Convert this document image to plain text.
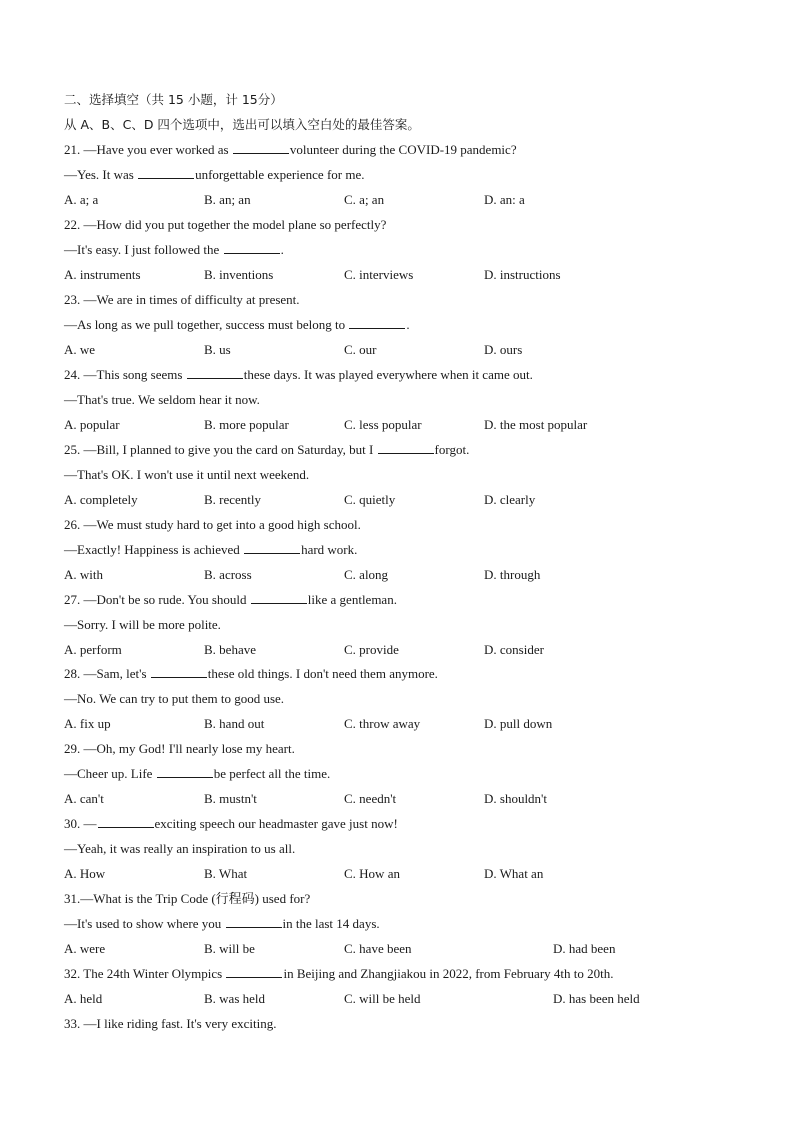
二、选择填空（共 15 小题，计 15分）
从 A、B、C、D 四个选项中，选出可以填入空白处的最佳答案。
21. —Have you ever worked as	volunteer during the COVID-19 pandemic?
—Yes. It was	unforgettable experience for me.
A. a; a	B. an; an	C. a; an	D. an: a
22. —How did you put together the model plane so perfectly?
—It's easy. I just followed the	.
A. instruments	B. inventions	C. interviews	D. instructions
23. —We are in times of difficulty at present.
—As long as we pull together, success must belong to	.
A. we	B. us	C. our	D. ours
24. —This song seems	these days. It was played everywhere when it came out.
—That's true. We seldom hear it now.
A. popular	B. more popular	C. less popular	D. the most popular
25. —Bill, I planned to give you the card on Saturday, but I	forgot.
—That's OK. I won't use it until next weekend.
A. completely	B. recently	C. quietly	D. clearly
26. —We must study hard to get into a good high school.
—Exactly! Happiness is achieved	hard work.
A. with	B. across	C. along	D. through
27. —Don't be so rude. You should	like a gentleman.
—Sorry. I will be more polite.
A. perform	B. behave	C. provide	D. consider
28. —Sam, let's	these old things. I don't need them anymore.
—No. We can try to put them to good use.
A. fix up	B. hand out	C. throw away	D. pull down
29. —Oh, my God! I'll nearly lose my heart.
—Cheer up. Life	be perfect all the time.
A. can't	B. mustn't	C. needn't	D. shouldn't
30. —	exciting speech our headmaster gave just now!
—Yeah, it was really an inspiration to us all.
A. How	B. What	C. How an	D. What an
31.—What is the Trip Code (行程码) used for?
—It's used to show where you	in the last 14 days.
A. were	B. will be	C. have been	D. had been
32. The 24th Winter Olympics	in Beijing and Zhangjiakou in 2022, from February 4th to 20th.
A. held	B. was held	C. will be held	D. has been held
33. —I like riding fast. It's very exciting.
